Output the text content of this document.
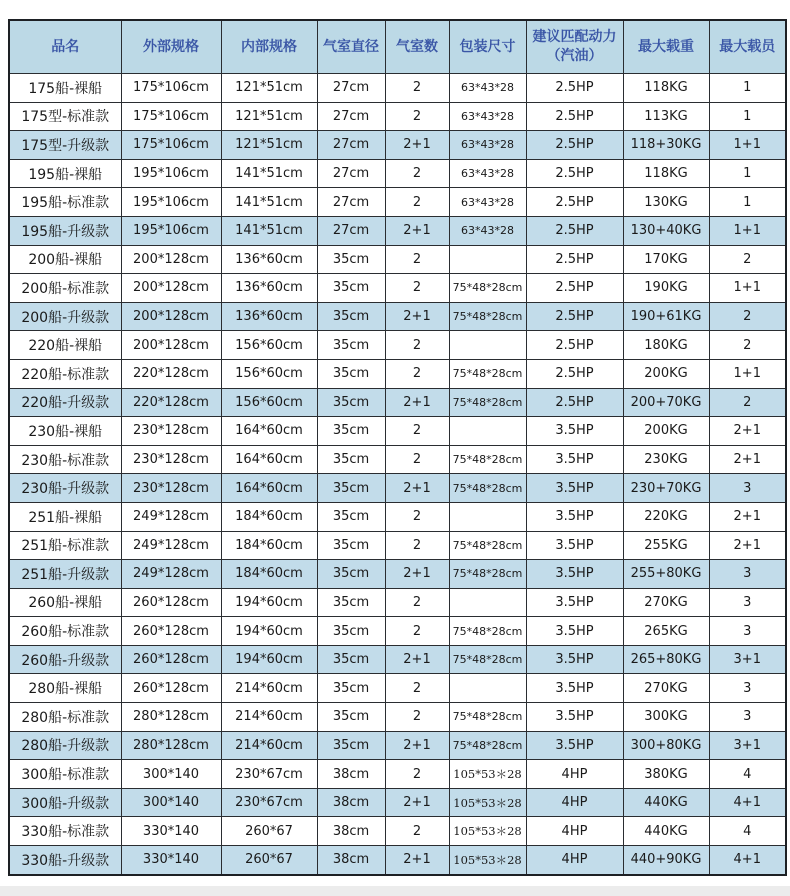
品名	外部规格	内部规格	气室直径	气室数	包装尺寸	建议匹配动力（汽油）	最大载重	最大载员
175船-裸船	175*106cm	121*51cm	27cm	2	63*43*28	2.5HP	118KG	1
175型-标准款	175*106cm	121*51cm	27cm	2	63*43*28	2.5HP	113KG	1
175型-升级款	175*106cm	121*51cm	27cm	2+1	63*43*28	2.5HP	118+30KG	1+1
195船-裸船	195*106cm	141*51cm	27cm	2	63*43*28	2.5HP	118KG	1
195船-标准款	195*106cm	141*51cm	27cm	2	63*43*28	2.5HP	130KG	1
195船-升级款	195*106cm	141*51cm	27cm	2+1	63*43*28	2.5HP	130+40KG	1+1
200船-裸船	200*128cm	136*60cm	35cm	2		2.5HP	170KG	2
200船-标准款	200*128cm	136*60cm	35cm	2	75*48*28cm	2.5HP	190KG	1+1
200船-升级款	200*128cm	136*60cm	35cm	2+1	75*48*28cm	2.5HP	190+61KG	2
220船-裸船	200*128cm	156*60cm	35cm	2		2.5HP	180KG	2
220船-标准款	220*128cm	156*60cm	35cm	2	75*48*28cm	2.5HP	200KG	1+1
220船-升级款	220*128cm	156*60cm	35cm	2+1	75*48*28cm	2.5HP	200+70KG	2
230船-裸船	230*128cm	164*60cm	35cm	2		3.5HP	200KG	2+1
230船-标准款	230*128cm	164*60cm	35cm	2	75*48*28cm	3.5HP	230KG	2+1
230船-升级款	230*128cm	164*60cm	35cm	2+1	75*48*28cm	3.5HP	230+70KG	3
251船-裸船	249*128cm	184*60cm	35cm	2		3.5HP	220KG	2+1
251船-标准款	249*128cm	184*60cm	35cm	2	75*48*28cm	3.5HP	255KG	2+1
251船-升级款	249*128cm	184*60cm	35cm	2+1	75*48*28cm	3.5HP	255+80KG	3
260船-裸船	260*128cm	194*60cm	35cm	2		3.5HP	270KG	3
260船-标准款	260*128cm	194*60cm	35cm	2	75*48*28cm	3.5HP	265KG	3
260船-升级款	260*128cm	194*60cm	35cm	2+1	75*48*28cm	3.5HP	265+80KG	3+1
280船-裸船	260*128cm	214*60cm	35cm	2		3.5HP	270KG	3
280船-标准款	280*128cm	214*60cm	35cm	2	75*48*28cm	3.5HP	300KG	3
280船-升级款	280*128cm	214*60cm	35cm	2+1	75*48*28cm	3.5HP	300+80KG	3+1
300船-标准款	300*140	230*67cm	38cm	2	105*53＊28	4HP	380KG	4
300船-升级款	300*140	230*67cm	38cm	2+1	105*53＊28	4HP	440KG	4+1
330船-标准款	330*140	260*67	38cm	2	105*53＊28	4HP	440KG	4
330船-升级款	330*140	260*67	38cm	2+1	105*53＊28	4HP	440+90KG	4+1
